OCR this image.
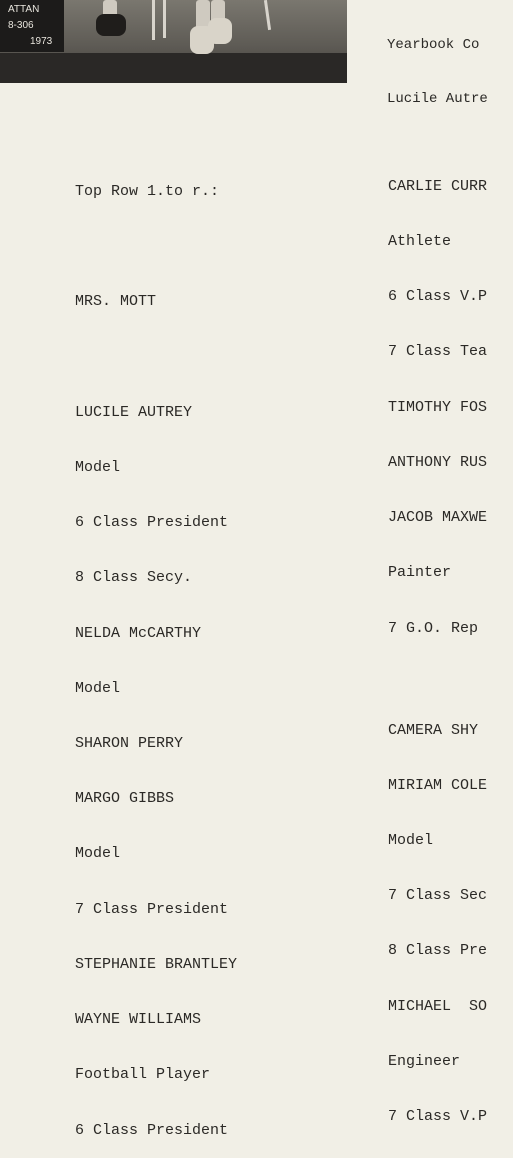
ATTAN
8-306
1973

	Yearbook Co

Lucile Autre

Top Row 1.to r.:

MRS. MOTT

LUCILE AUTREY

Model

6 Class President

8 Class Secy.

NELDA McCARTHY

Model

SHARON PERRY

MARGO GIBBS

Model

7 Class President

STEPHANIE BRANTLEY

WAYNE WILLIAMS

Football Player

6 Class President

CARLIE CURR

Athlete

6 Class V.P

7 Class Tea

TIMOTHY FOS

ANTHONY RUS

JACOB MAXWE

Painter

7 G.O. Rep

CAMERA SHY

MIRIAM COLE

Model

7 Class Sec

8 Class Pre

MICHAEL  SO

Engineer

7 Class V.P
